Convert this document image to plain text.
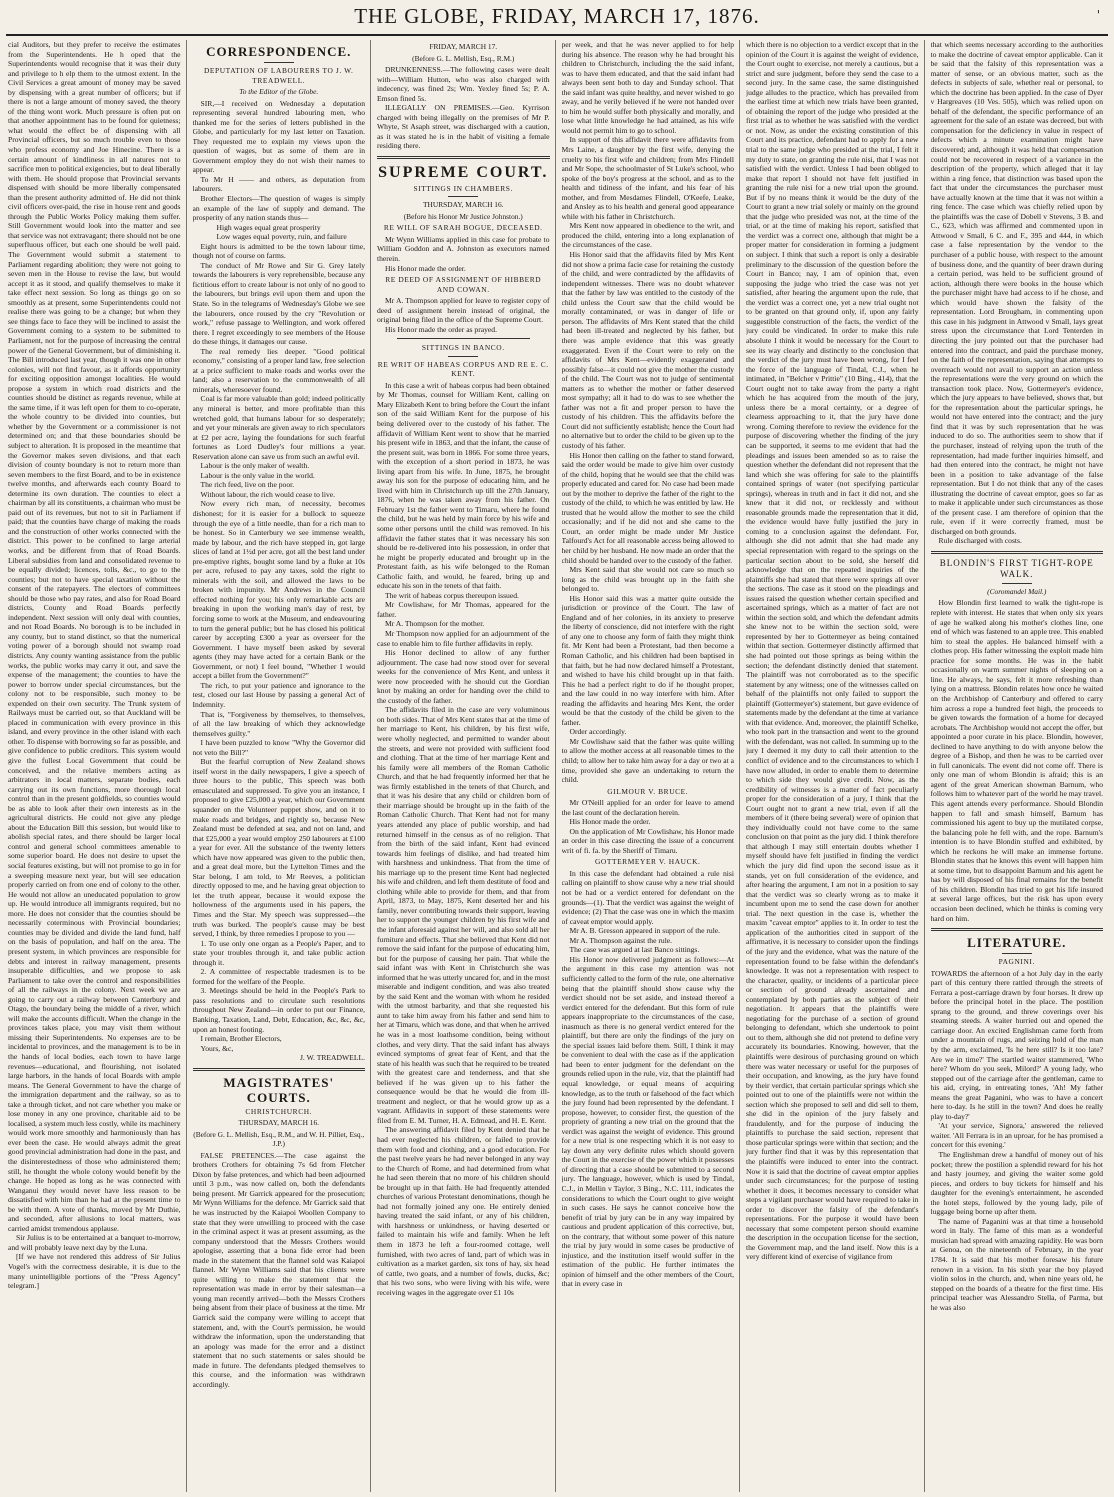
THE GLOBE, FRIDAY, MARCH 17, 1876.	'

cial Auditors, but they prefer to receive the estimates from the Superintendents. He h oped that the Superintendents would recognise that it was their duty and privilege to h elp them to the utmost extent. In the Civil Services a great amount of money may be saved by dispensing with a great number of officers; but if there is not a large amount of money saved, the theory of the thing wont work. Much pressure is often put on that another appointment has to be found for quietness; what would the effect be of dispensing with all Provincial officers, but so much trouble even to those who profess economy and Joe Hinecine. There is a certain amount of kindliness in all natures not to sacrifice men to political exigencies, but to deal liberally with them. He should propose that Provincial servants dispensed with should be more liberally compensated than the present authority admitted of. He did not think civil officers over-paid, the rise in house rent and goods through the Public Works Policy making them suffer. Still Government would look into the matter and see that service was not extravagant; there should not be one superfluous officer, but each one should be well paid. The Government would submit a statement to Parliament regarding abolition; they were not going to seven men in the House to revise the law, but would accept it as it stood, and qualify themselves to make it take effect next session. So long as things go on so smoothly as at present, some Superintendents could not realise there was going to be a change; but when they see things face to face they will be inclined to assist the Government coming to a system to be submitted to Parliament, not for the purpose of increasing the central power of the General Government, but of diminishing it. The Bill introduced last year, though it was one in other colonies, will not find favour, as it affords opportunity for exciting opposition amongst localities. He would propose a system in which road districts and the counties should be distinct as regards revenue, while at the same time, if it was left open for them to co-operate, the whole country to be divided into counties, but whether by the Government or a commissioner is not determined on; and that these boundaries should be subject to alteration. It is proposed in the meantime that the Governor makes seven divisions, and that each division of county boundary is not to return more than seven members to the first Board, and to be in existence twelve months, and afterwards each county Board to determine its own duration. The counties to elect a chairman by all its constituents, a chairman who must be paid out of its revenues, but not to sit in Parliament if paid; that the counties have charge of making the roads and the construction of other works connected with the district. This power to be confined to large arterial works, and be different from that of Road Boards. Liberal subsidies from land and consolidated revenue to be equally divided; licences, tolls, &c., to go to the counties; but not to have special taxation without the consent of the ratepayers. The electors of committees should be those who pay rates, and also for Road Board districts, County and Road Boards perfectly independent. Next session will only deal with counties, and not Road Boards. No borough is to be included in any county, but to stand distinct, so that the numerical voting power of a borough should not swamp road districts. Any county wanting assistance from the public works, the public works may carry it out, and save the expense of the management; the counties to have the power to borrow under special circumstances, but the colony not to be responsible, such money to be expended on their own security. The Trunk system of Railways must be carried out, so that Auckland will be placed in communication with every province in this island, and every province in the other island with each other. To dispense with borrowing so far as possible, and give confidence to public creditors. This system would give the fullest Local Government that could be conceived, and the relative members acting as arbitrators in local matters, separate bodies, each carrying out its own functions, more thorough local control than in the present goldfields, so counties would be as able to look after their own interests as in the agricultural districts. He could not give any pledge about the Education Bill this session, but would like to abolish special rates, and there should be larger local control and general school committees amenable to some superior board. He does not desire to upset the social features existing, but will not promise to go in for a sweeping measure next year, but will see education properly carried on from one end of colony to the other. He would not allow an uneducated population to grow up. He would introduce all immigrants required, but no more. He does not consider that the counties should be necessarily coterminous with Provincial boundaries; counties may be divided and divide the land fund, half on the basis of population, and half on the area. The present system, in which provinces are responsible for debts and interest in railway management, presents insuperable difficulties, and we propose to ask Parliament to take over the control and responsibilities of all the railways in the colony. Next week we are going to carry out a railway between Canterbury and Otago, the boundary being the middle of a river, which will make the accounts difficult. When the change in the provinces takes place, you may visit them without missing their Superintendents. No expenses are to be incidental to provinces, and the management is to be in the hands of local bodies, each town to have large revenues—educational, and flourishing, not isolated large harbors, in the hands of local Boards with ample means. The General Government to have the charge of the immigration department and the railway, so as to take a through ticket, and not care whether you make or lose money in any one province, charitable aid to be localised, a system much less costly, while its machinery would work more smoothly and harmoniously than has ever been the case. He would always admit the great good provincial administration had done in the past, and the disinterestedness of those who administered them; still, he thought the whole colony would benefit by the change. He hoped as long as he was connected with Wanganui they would never have less reason to be dissatisfied with him than he had at the present time to be with them. A vote of thanks, moved by Mr Duthie, and seconded, after allusions to local matters, was carried amidst tremendous applause.

Sir Julius is to be entertained at a banquet to-morrow, and will probably leave next day by the Luna.

[If we have not rendered this address of Sir Julius Vogel's with the correctness desirable, it is due to the many unintelligible portions of the "Press Agency" telegram.]

CORRESPONDENCE.
DEPUTATION OF LABOURERS TO J. W. TREADWELL.
To the Editor of the Globe.

SIR,—I received on Wednesday a deputation representing several hundred labouring men, who thanked me for the series of letters published in the Globe, and particularly for my last letter on Taxation. They requested me to explain my views upon the question of wages, but as some of them are in Government employ they do not wish their names to appear.

To Mr H —— and others, as deputation from labourers.

Brother Electors—The question of wages is simply an example of the law of supply and demand. The prosperity of any nation stands thus—

High wages equal great prosperity

Low wages equal poverty, ruin, and failure

Eight hours is admitted to be the town labour time, though not of course on farms.

The conduct of Mr Rowe and Sir G. Grey lately towards the labourers is very reprehensible, because any fictitious effort to create labour is not only of no good to the labourers, but brings evil upon them and upon the State. So in the telegrams of Wednesday's Globe we see the labourers, once roused by the cry "Revolution or work," refuse passage to Wellington, and work offered there. I regret exceedingly to see members of the House do these things, it damages our cause.

The real remedy lies deeper. "Good political economy," consisting of a proper land law, free selection at a price sufficient to make roads and works over the land; also a reservation to the commonwealth of all minerals, wheresoever found.

Coal is far more valuable than gold; indeed politically any mineral is better, and more profitable than this wretched gold, that humans labour for so desperately; and yet your minerals are given away to rich speculators at £2 per acre, laying the foundations for such fearful fortunes as Lord Dudley's four millions a year. Reservation alone can save us from such an awful evil.

Labour is the only maker of wealth.

Labour is the only value in the world.

The rich feed, live on the poor.

Without labour, the rich would cease to live.

Now every rich man, of necessity, becomes dishonest; for it is easier for a bullock to squeeze through the eye of a little needle, than for a rich man to be honest. So in Canterbury we see immense wealth, made by labour, and the rich have stepped in, got large slices of land at 1½d per acre, got all the best land under pre-emptive rights, bought some land by a fluke at 10s per acre, refused to pay any taxes, sold the right to minerals with the soil, and allowed the laws to be broken with impunity. Mr Andrews in the Council effected nothing for you; his only remarkable acts are breaking in upon the working man's day of rest, by forcing some to work at the Museum, and endeavouring to turn the general public; but he has closed his political career by accepting £300 a year as overseer for the Government. I have myself been asked by several agents (they may have acted for a certain Bank or the Government, or not) I feel bound, "Whether I would accept a billet from the Government?"

The rich, to put your patience and ignorance to the test, closed our last House by passing a general Act of Indemnity.

That is, "Forgiveness by themselves, to themselves, of all the law breaking of which they acknowledge themselves guilty."

I have been puzzled to know "Why the Governor did not veto the Bill?"

But the fearful corruption of New Zealand shows itself worst in the daily newspapers, I give a speech of three hours to the public, This speech was both emasculated and suppressed. To give you an instance, I proposed to give £25,000 a year, which our Government squander on the Volunteer puppet show, and on it to make roads and bridges, and rightly so, because New Zealand must be defended at sea, and not on land, and that £25,000 a year would employ 250 labourers at £100 a year for ever. All the substance of the twenty letters which have now appeared was given to the public then, and a great deal more, but the Lyttelton Times and the Star belong, I am told, to Mr Reeves, a politician directly opposed to me, and he having great objection to let the truth appear, because it would expose the hollowness of the arguments used in his papers, the Times and the Star. My speech was suppressed—the truth was burked. The people's cause may be best served, I think, by three remedies I propose to you —

1. To use only one organ as a People's Paper, and to state your troubles through it, and take public action through it.

2. A committee of respectable tradesmen is to be formed for the welfare of the People.

3. Meetings should be held in the People's Park to pass resolutions and to circulate such resolutions throughout New Zealand—in order to put our Finance, Banking, Taxation, Land, Debt, Education, &c, &c, &c, upon an honest footing.

I remain, Brother Electors,

Yours, &c,

J. W. TREADWELL.

MAGISTRATES' COURTS.
CHRISTCHURCH.
THURSDAY, MARCH 16.
(Before G. L. Mellish, Esq., R.M., and W. H. Pilliet, Esq., J.P.)

FALSE PRETENCES.—The case against the brothers Crothers for obtaining 7s 6d from Fletcher Dixon by false pretences, and which had been adjourned until 3 p.m., was now called on, both the defendants being present. Mr Garrick appeared for the prosecution; Mr Wynn Williams for the defence. Mr Garrick said that he was instructed by the Kaiapoi Woollen Company to state that they were unwilling to proceed with the case in the criminal aspect it was at present assuming, as the company understood that the Messrs Crothers would apologise, asserting that a bona fide error had been made in the statement that the flannel sold was Kaiapoi flannel. Mr Wynn Williams said that his clients were quite willing to make the statement that the representation was made in error by their salesman—a young man recently arrived—both the Messrs Crothers being absent from their place of business at the time. Mr Garrick said the company were willing to accept that statement, and, with the Court's permission, he would withdraw the information, upon the understanding that an apology was made for the error and a distinct statement that no such statements or sales should be made in future. The defendants pledged themselves to this course, and the information was withdrawn accordingly.

FRIDAY, MARCH 17.
(Before G. L. Mellish, Esq., R.M.)

DRUNKENNESS.—The following cases were dealt with—William Hutton, who was also charged with indecency, was fined 2s; Wm. Yexley fined 5s; P. A. Emson fined 5s.

ILLEGALLY ON PREMISES.—Geo. Kyrrison charged with being illegally on the premises of Mr P. Whyte, St Asaph street, was discharged with a caution, as it was stated he is in the habit of visiting a female residing there.

SUPREME COURT.
SITTINGS IN CHAMBERS.
THURSDAY, MARCH 16.
(Before his Honor Mr Justice Johnston.)
RE WILL OF SARAH BOGUE, DECEASED.

Mr Wynn Williams applied in this case for probate to William Goddon and A. Johnston as executors named therein.

His Honor made the order.

RE DEED OF ASSIGNMENT OF HIBBERD AND COWAN.

Mr A. Thompson applied for leave to register copy of deed of assignment herein instead of original, the original being filed in the office of the Supreme Court.

His Honor made the order as prayed.

SITTINGS IN BANCO.
RE WRIT OF HABEAS CORPUS AND RE E. C. KENT.

In this case a writ of habeas corpus had been obtained by Mr Thomas, counsel for William Kent, calling on Mary Elizabeth Kent to bring before the Court the infant son of the said William Kent for the purpose of his being delivered over to the custody of his father. The affidavit of William Kent went to show that he married his present wife in 1863, and that the infant, the cause of the present suit, was born in 1866. For some three years, with the exception of a short period in 1873, he was living apart from his wife. In June, 1875, he brought away his son for the purpose of educating him, and he lived with him in Christchurch up till the 27th January, 1876, when he was taken away from his father. On February 1st the father went to Timaru, where he found the child, but he was held by main force by his wife and some other persons until the child was removed. In his affidavit the father states that it was necessary his son should be re-delivered into his possession, in order that he might be properly educated and brought up in the Protestant faith, as his wife belonged to the Roman Catholic faith, and would, he feared, bring up and educate his son in the tenets of that faith.

The writ of habeas corpus thereupon issued.

Mr Cowlishaw, for Mr Thomas, appeared for the father.

Mr A. Thompson for the mother.

Mr Thompson now applied for an adjournment of the case to enable him to file further affidavits in reply.

His Honor declined to allow of any further adjournment. The case had now stood over for several weeks for the convenience of Mrs Kent, and unless it were now proceeded with he should cut the Gordian knot by making an order for handing over the child to the custody of the father.

The affidavits filed in the case are very voluminous on both sides. That of Mrs Kent states that at the time of her marriage to Kent, his children, by his first wife, were wholly neglected, and permitted to wander about the streets, and were not provided with sufficient food and clothing. That at the time of her marriage Kent and his family were all members of the Roman Catholic Church, and that he had frequently informed her that he was firmly established in the tenets of that Church, and that it was his desire that any child or children born of their marriage should be brought up in the faith of the Roman Catholic Church. That Kent had not for many years attended any place of public worship, and had returned himself in the census as of no religion. That from the birth of the said infant, Kent had evinced towards him feelings of dislike, and had treated him with harshness and unkindness. That from the time of his marriage up to the present time Kent had neglected his wife and children, and left them destitute of food and clothing while able to provide for them, and that from April, 1873, to May, 1875, Kent deserted her and his family, never contributing towards their support, leaving her to support the younger children by his first wife and the infant aforesaid against her will, and also sold all her furniture and effects. That she believed that Kent did not remove the said infant for the purpose of educating him, but for the purpose of causing her pain. That while the said infant was with Kent in Christchurch she was informed that he was utterly uncared for, and in the most miserable and indigent condition, and was also treated by the said Kent and the woman with whom he resided with the utmost barbarity, and that she requested his aunt to take him away from his father and send him to her at Timaru, which was done, and that when he arrived he was in a most loathsome condition, being without clothes, and very dirty. That the said infant has always evinced symptoms of great fear of Kent, and that the state of his health was such that he required to be treated with the greatest care and tenderness, and that she believed if he was given up to his father the consequence would be that he would die from ill-treatment and neglect, or that he would grow up as a vagrant. Affidavits in support of these statements were filed from E. M. Turner, H. A. Edmead, and H. E. Kent.

The answering affidavit filed by Kent denied that he had ever neglected his children, or failed to provide them with food and clothing, and a good education. For the past twelve years he had never belonged in any way to the Church of Rome, and had determined from what he had seen therein that no more of his children should be brought up in that faith. He had frequently attended churches of various Protestant denominations, though he had not formally joined any one. He entirely denied having treated the said infant, or any of his children, with harshness or unkindness, or having deserted or failed to maintain his wife and family. When he left them in 1873 he left a four-roomed cottage, well furnished, with two acres of land, part of which was in cultivation as a market garden, six tons of hay, six head of cattle, two goats, and a number of fowls, ducks, &c; that his two sons, who were living with his wife, were receiving wages in the aggregate over £1 10s

per week, and that he was never applied to for help during his absence. The reason why he had brought his children to Christchurch, including the the said infant, was to have them educated, and that the said infant had always been sent both to day and Sunday school. That the said infant was quite healthy, and never wished to go away, and he verily believed if he were not handed over to him he would suffer both physically and morally, and lose what little knowledge he had attained, as his wife would not permit him to go to school.

In support of this affidavit there were affidavits from Mrs Laine, a daughter by the first wife, denying the cruelty to his first wife and children; from Mrs Flindell and Mr Sope, the schoolmaster of St Luke's school, who spoke of the boy's progress at the school, and as to the health and tidiness of the infant, and his fear of his mother, and from Mesdames Flindell, O'Keefe, Leake, and Ansley as to his health and general good appearance while with his father in Christchurch.

Mrs Kent now appeared in obedience to the writ, and produced the child, entering into a long explanation of the circumstances of the case.

His Honor said that the affidavits filed by Mrs Kent did not show a prima facie case for retaining the custody of the child, and were contradicted by the affidavits of independent witnesses. There was no doubt whatever that the father by law was entitled to the custody of the child unless the Court saw that the child would be morally contaminated, or was in danger of life or person. The affidavits of Mrs Kent stated that the child had been ill-treated and neglected by his father, but there was ample evidence that this was greatly exaggerated. Even if the Court were to rely on the affidavits of Mrs Kent—evidently exaggerated and possibly false—it could not give the mother the custody of the child. The Court was not to judge of sentimental matters as to whether the mother or father deserved most sympathy; all it had to do was to see whether the father was not a fit and proper person to have the custody of his children. This the affidavits before the Court did not sufficiently establish; hence the Court had no alternative but to order the child to be given up to the custody of his father.

His Honor then calling on the father to stand forward, said the order would be made to give him over custody of the child, hoping that he would see that the child was properly educated and cared for. No case had been made out by the mother to deprive the father of the right to the custody of the child, to which he was entitled by law. He trusted that he would allow the mother to see the child occasionally; and if he did not and she came to the Court, an order might be made under Mr Justice Talfourd's Act for all reasonable access being allowed to her child by her husband. He now made an order that the child should be handed over to the custody of the father.

Mrs Kent said that she would not care so much so long as the child was brought up in the faith she belonged to.

His Honor said this was a matter quite outside the jurisdiction or province of the Court. The law of England and of her colonies, in its anxiety to preserve the liberty of conscience, did not interfere with the right of any one to choose any form of faith they might think fit. Mr Kent had been a Protestant, had then become a Roman Catholic, and his children had been baptised in that faith, but he had now declared himself a Protestant, and wished to have his child brought up in that faith. This he had a perfect right to do if he thought proper, and the law could in no way interfere with him. After reading the affidavits and hearing Mrs Kent, the order would be that the custody of the child be given to the father.

Order accordingly.

Mr Cowlishaw said that the father was quite willing to allow the mother access at all reasonable times to the child; to allow her to take him away for a day or two at a time, provided she gave an undertaking to return the child.

GILMOUR V. BRUCE.

Mr O'Neill applied for an order for leave to amend the last count of the declaration herein.

His Honor made the order.

On the application of Mr Cowlishaw, his Honor made an order in this case directing the issue of a concurrent writ of fi. fa. by the Sheriff of Timaru.

GOTTERMEYER V. HAUCK.

In this case the defendant had obtained a rule nisi calling on plaintiff to show cause why a new trial should not be had or a verdict entered for defendant on the grounds—(1). That the verdict was against the weight of evidence; (2) That the case was one in which the maxim of caveat emptor would apply.

Mr A. B. Gresson appeared in support of the rule.

Mr A. Thompson against the rule.

The case was argued at last Banco sittings.

His Honor now delivered judgment as follows:—At the argument in this case my attention was not sufficiently called to the form of the rule, one alternative being that the plaintiff should show cause why the verdict should not be set aside, and instead thereof a verdict entered for the defendant. But this form of rule appears inappropriate to the circumstances of the case, inasmuch as there is no general verdict entered for the plaintiff, but there are only the findings of the jury on the special issues laid before them. Still, I think it may be convenient to deal with the case as if the application had been to enter judgment for the defendant on the grounds relied upon in the rule, viz, that the plaintiff had equal knowledge, or equal means of acquiring knowledge, as to the truth or falsehood of the fact which the jury found had been represented by the defendant. I propose, however, to consider first, the question of the propriety of granting a new trial on the ground that the verdict was against the weight of evidence. This ground for a new trial is one respecting which it is not easy to lay down any very definite rules which should govern the Court in the exercise of the power which it possesses of directing that a case should be submitted to a second jury. The language, however, which is used by Tindal, C.J., in Mellin v Taylor, 3 Bing., N.C. 111, indicates the considerations to which the Court ought to give weight in such cases. He says he cannot conceive how the benefit of trial by jury can be in any way impaired by cautious and prudent application of this corrective, but, on the contrary, that without some power of this nature the trial by jury would in some cases be productive of injustice, and the institution itself would suffer in the estimation of the public. He further intimates the opinion of himself and the other members of the Court, that in every case in

which there is no objection to a verdict except that in the opinion of the Court it is against the weight of evidence, the Court ought to exercise, not merely a cautious, but a strict and sure judgment, before they send the case to a second jury. In the same case, the same distinguished judge alludes to the practice, which has prevailed from the earliest time at which new trials have been granted, of obtaining the report of the judge who presided at the first trial as to whether he was satisfied with the verdict or not. Now, as under the existing constitution of this Court and its practice, defendant had to apply for a new trial to the same judge who presided at the trial, I felt it my duty to state, on granting the rule nisi, that I was not satisfied with the verdict. Unless I had been obliged to make that report I should not have felt justified in granting the rule nisi for a new trial upon the ground. But if by no means think it would be the duty of the Court to grant a new trial solely or mainly on the ground that the judge who presided was not, at the time of the trial, or at the time of making his report, satisfied that the verdict was a correct one, although that might be a proper matter for consideration in forming a judgment on subject. I think that such a report is only a desirable preliminary to the discussion of the question before the Court in Banco; nay, I am of opinion that, even supposing the judge who tried the case was not yet satisfied, after hearing the argument upon the rule, that the verdict was a correct one, yet a new trial ought not to be granted on that ground only, if, upon any fairly suggestible construction of the facts, the verdict of the jury could be vindicated. In order to make this rule absolute I think it would be necessary for the Court to see its way clearly and distinctly to the conclusion that the verdict of the jury must have been wrong, for I feel the force of the language of Tindal, C.J., when he intimated, in "Belcher v Prittie" (10 Bing., 414), that the Court ought not to take away from the party a right which he has acquired from the mouth of the jury, unless there be a moral certainty, or a degree of clearness approaching to it, that the jury have done wrong. Coming therefore to review the evidence for the purpose of discovering whether the finding of the jury can be supported, it seems to me evident that had the pleadings and issues been amended so as to raise the question whether the defendant did not represent that the land which she was offering for sale to the plaintiffs contained springs of water (not specifying particular springs), whereas in truth and in fact it did not, and she knew that it did not, or recklessly and without reasonable grounds made the representation that it did, the evidence would have fully justified the jury in coming to a conclusion against the defendant. For, although she did not admit that she had made any special representation with regard to the springs on the particular section about to be sold, she herself did acknowledge that on the repeated inquiries of the plaintiffs she had stated that there were springs all over the sections. The case as it stood on the pleadings and issues raised the question whether certain specified and ascertained springs, which as a matter of fact are not within the section sold, and which the defendant admits she knew not to be within the section sold, were represented by her to Gottermeyer as being contained within that section. Gottermeyer distinctly affirmed that she had pointed out those springs as being within the section; the defendant distinctly denied that statement. The plaintiff was not corroborated as to the specific statement by any witness; one of the witnesses called on behalf of the plaintiffs not only failed to support the plaintiff (Gottermeyer's) statement, but gave evidence of statements made by the defendant at the time at variance with that evidence. And, moreover, the plaintiff Schelke, who took part in the transaction and went to the ground with the defendant, was not called. In summing up to the jury I deemed it my duty to call their attention to the conflict of evidence and to the circumstances to which I have now alluded, in order to enable them to determine to which side they would give credit. Now, as the credibility of witnesses is a matter of fact peculiarly proper for the consideration of a jury, I think that the Court ought not to grant a new trial, even if all the members of it (there being several) were of opinion that they individually could not have come to the same conclusion on that point as the jury did. I think therefore that although I may still entertain doubts whether I myself should have felt justified in finding the verdict which the jury did find upon the second issue as it stands, yet on full consideration of the evidence, and after hearing the argument, I am not in a position to say that the verdict was so clearly wrong as to make it incumbent upon me to send the case down for another trial. The next question in the case is, whether the maxim "caveat emptor" applies to it. In order to test the application of the authorities cited in support of the affirmative, it is necessary to consider upon the findings of the jury and the evidence, what was the nature of the representation found to be false within the defendant's knowledge. It was not a representation with respect to the character, quality, or incidents of a particular piece or section of ground already ascertained and contemplated by both parties as the subject of their negotiation. It appears that the plaintiffs were negotiating for the purchase of a section of ground belonging to defendant, which she undertook to point out to them, although she did not pretend to define very accurately its boundaries. Knowing, however, that the plaintiffs were desirous of purchasing ground on which there was water necessary or useful for the purposes of their occupation, and knowing, as the jury have found by their verdict, that certain particular springs which she pointed out to one of the plaintiffs were not within the section which she proposed to sell and did sell to them, she did in the opinion of the jury falsely and fraudulently, and for the purpose of inducing the plaintiffs to purchase the said section, represent that those particular springs were within that section; and the jury further find that it was by this representation that the plaintiffs were induced to enter into the contract. Now it is said that the doctrine of caveat emptor applies under such circumstances; for the purpose of testing whether it does, it becomes necessary to consider what steps a vigilant purchaser would have required to take in order to discover the falsity of the defendant's representations. For the purpose it would have been necessary that some competent person should examine the description in the occupation license for the section, the Government map, and the land itself. Now this is a very different kind of exercise of vigilance from

that which seems necessary according to the authorities to make the doctrine of caveat emptor applicable. Can it be said that the falsity of this representation was a matter of sense, or an obvious matter, such as the defects in subjects of sale, whether real or personal, to which the doctrine has been applied. In the case of Dyer v Hargreaves (10 Ves. 505), which was relied upon on behalf of the defendant, the specific performance of an agreement for the sale of an estate was decreed, but with compensation for the deficiency in value in respect of defects which a minute examination might have discovered; and, although it was held that compensation could not be recovered in respect of a variance in the description of the property, which alleged that it lay within a ring fence, that distinction was based upon the fact that under the circumstances the purchaser must have actually known at the time that it was not within a ring fence. The case which was chiefly relied upon by the plaintiffs was the case of Dobell v Stevens, 3 B. and C., 623, which was affirmed and commented upon in Attwood v Small, 6 C. and F., 395 and 444, in which case a false representation by the vendor to the purchaser of a public house, with respect to the amount of business done, and the quantity of beer drawn during a certain period, was held to be sufficient ground of action, although there were books in the house which the purchaser might have had access to if he chose, and which would have shown the falsity of the representation. Lord Brougham, in commenting upon this case in his judgment in Attwood v Small, lays great stress upon the circumstance that Lord Tenterden in directing the jury pointed out that the purchaser had entered into the contract, and paid the purchase money, on the faith of the representation, saying that attempts to overreach would not avail to support an action unless the representations were the very ground on which the transaction took place. Now, Gottermeyer's evidence, which the jury appears to have believed, shows that, but for the representation about the particular springs, he would not have entered into the contract; and the jury find that it was by such representation that he was induced to do so. The authorities seem to show that if the purchaser, instead of relying upon the truth of the representation, had made further inquiries himself, and had then entered into the contract, he might not have been in a position to take advantage of the false representation. But I do not think that any of the cases illustrating the doctrine of caveat emptor, goes so far as to make it applicable under such circumstances as those of the present case. I am therefore of opinion that the rule, even if it were correctly framed, must be discharged on both grounds.

Rule discharged with costs.

BLONDIN'S FIRST TIGHT-ROPE WALK.
(Coromandel Mail.)

How Blondin first learned to walk the tight-rope is replete with interest. He states that when only six years of age he walked along his mother's clothes line, one end of which was fastened to an apple tree. This enabled him to steal the apples. He balanced himself with a clothes prop. His father witnessing the exploit made him practice for some months. He was in the habit occasionally on warm summer nights of sleeping on a line. He always, he says, felt it more refreshing than lying on a mattress. Blondin relates how once he waited on the Archbishop of Canterbury and offered to carry him across a rope a hundred feet high, the proceeds to be given towards the formation of a home for decayed acrobats. The Archbishop would not accept the offer, but appointed a poor curate in his place. Blondin, however, declined to have anything to do with anyone below the degree of a Bishop, and then he was to be carried over in full canonicals. The event did not come off. There is only one man of whom Blondin is afraid; this is an agent of the great American showman Barnum, who follows him to whatever part of the world he may travel. This agent attends every performance. Should Blondin happen to fall and smash himself, Barnum has commissioned his agent to buy up the mutilated corpse, the balancing pole he fell with, and the rope. Barnum's intention is to have Blondin stuffed and exhibited, by which he reckons he will make an immense fortune. Blondin states that he knows this event will happen him at some time, but to disappoint Barnum and his agent he has by will disposed of his final remains for the benefit of his children. Blondin has tried to get his life insured at several large offices, but the risk has upon every occasion been declined, which he thinks is coming very hard on him.

LITERATURE.
PAGNINI.

TOWARDS the afternoon of a hot July day in the early part of this century there rattled through the streets of Ferrara a post-carriage drawn by four horses. It drew up before the principal hotel in the place. The postilion sprang to the ground, and threw coverings over his steaming steeds. A waiter hurried out and opened the carriage door. An excited Englishman came forth from under a mountain of rugs, and seizing hold of the man by the arm, exclaimed, 'Is he here still? Is it too late? Are we in time?' The startled waiter stammered, 'Who here? Whom do you seek, Milord?' A young lady, who stepped out of the carriage after the gentleman, came to his aid, crying, in entreating tones, 'Ah! My father means the great Paganini, who was to have a concert here to-day. Is he still in the town? And does he really play to-day?'

'At your service, Signora,' answered the relieved waiter. 'All Ferrara is in an uproar, for he has promised a concert for this evening.'

The Englishman drew a handful of money out of his pocket; threw the postilion a splendid reward for his hot and hasty journey, and giving the waiter some gold pieces, and orders to buy tickets for himself and his daughter for the evening's entertainment, he ascended the hotel steps, followed by the young lady, pile of luggage being borne up after them.

The name of Paganini was at that time a household word in Italy. The fame of this man as a wonderful musician had spread with amazing rapidity. He was born at Genoa, on the nineteenth of February, in the year 1784. It is said that his mother foresaw his future renown in a vision. In his sixth year the boy played violin solos in the church, and, when nine years old, he stepped on the boards of a theatre for the first time. His principal teacher was Alessandro Stella, of Parma, but he was also
